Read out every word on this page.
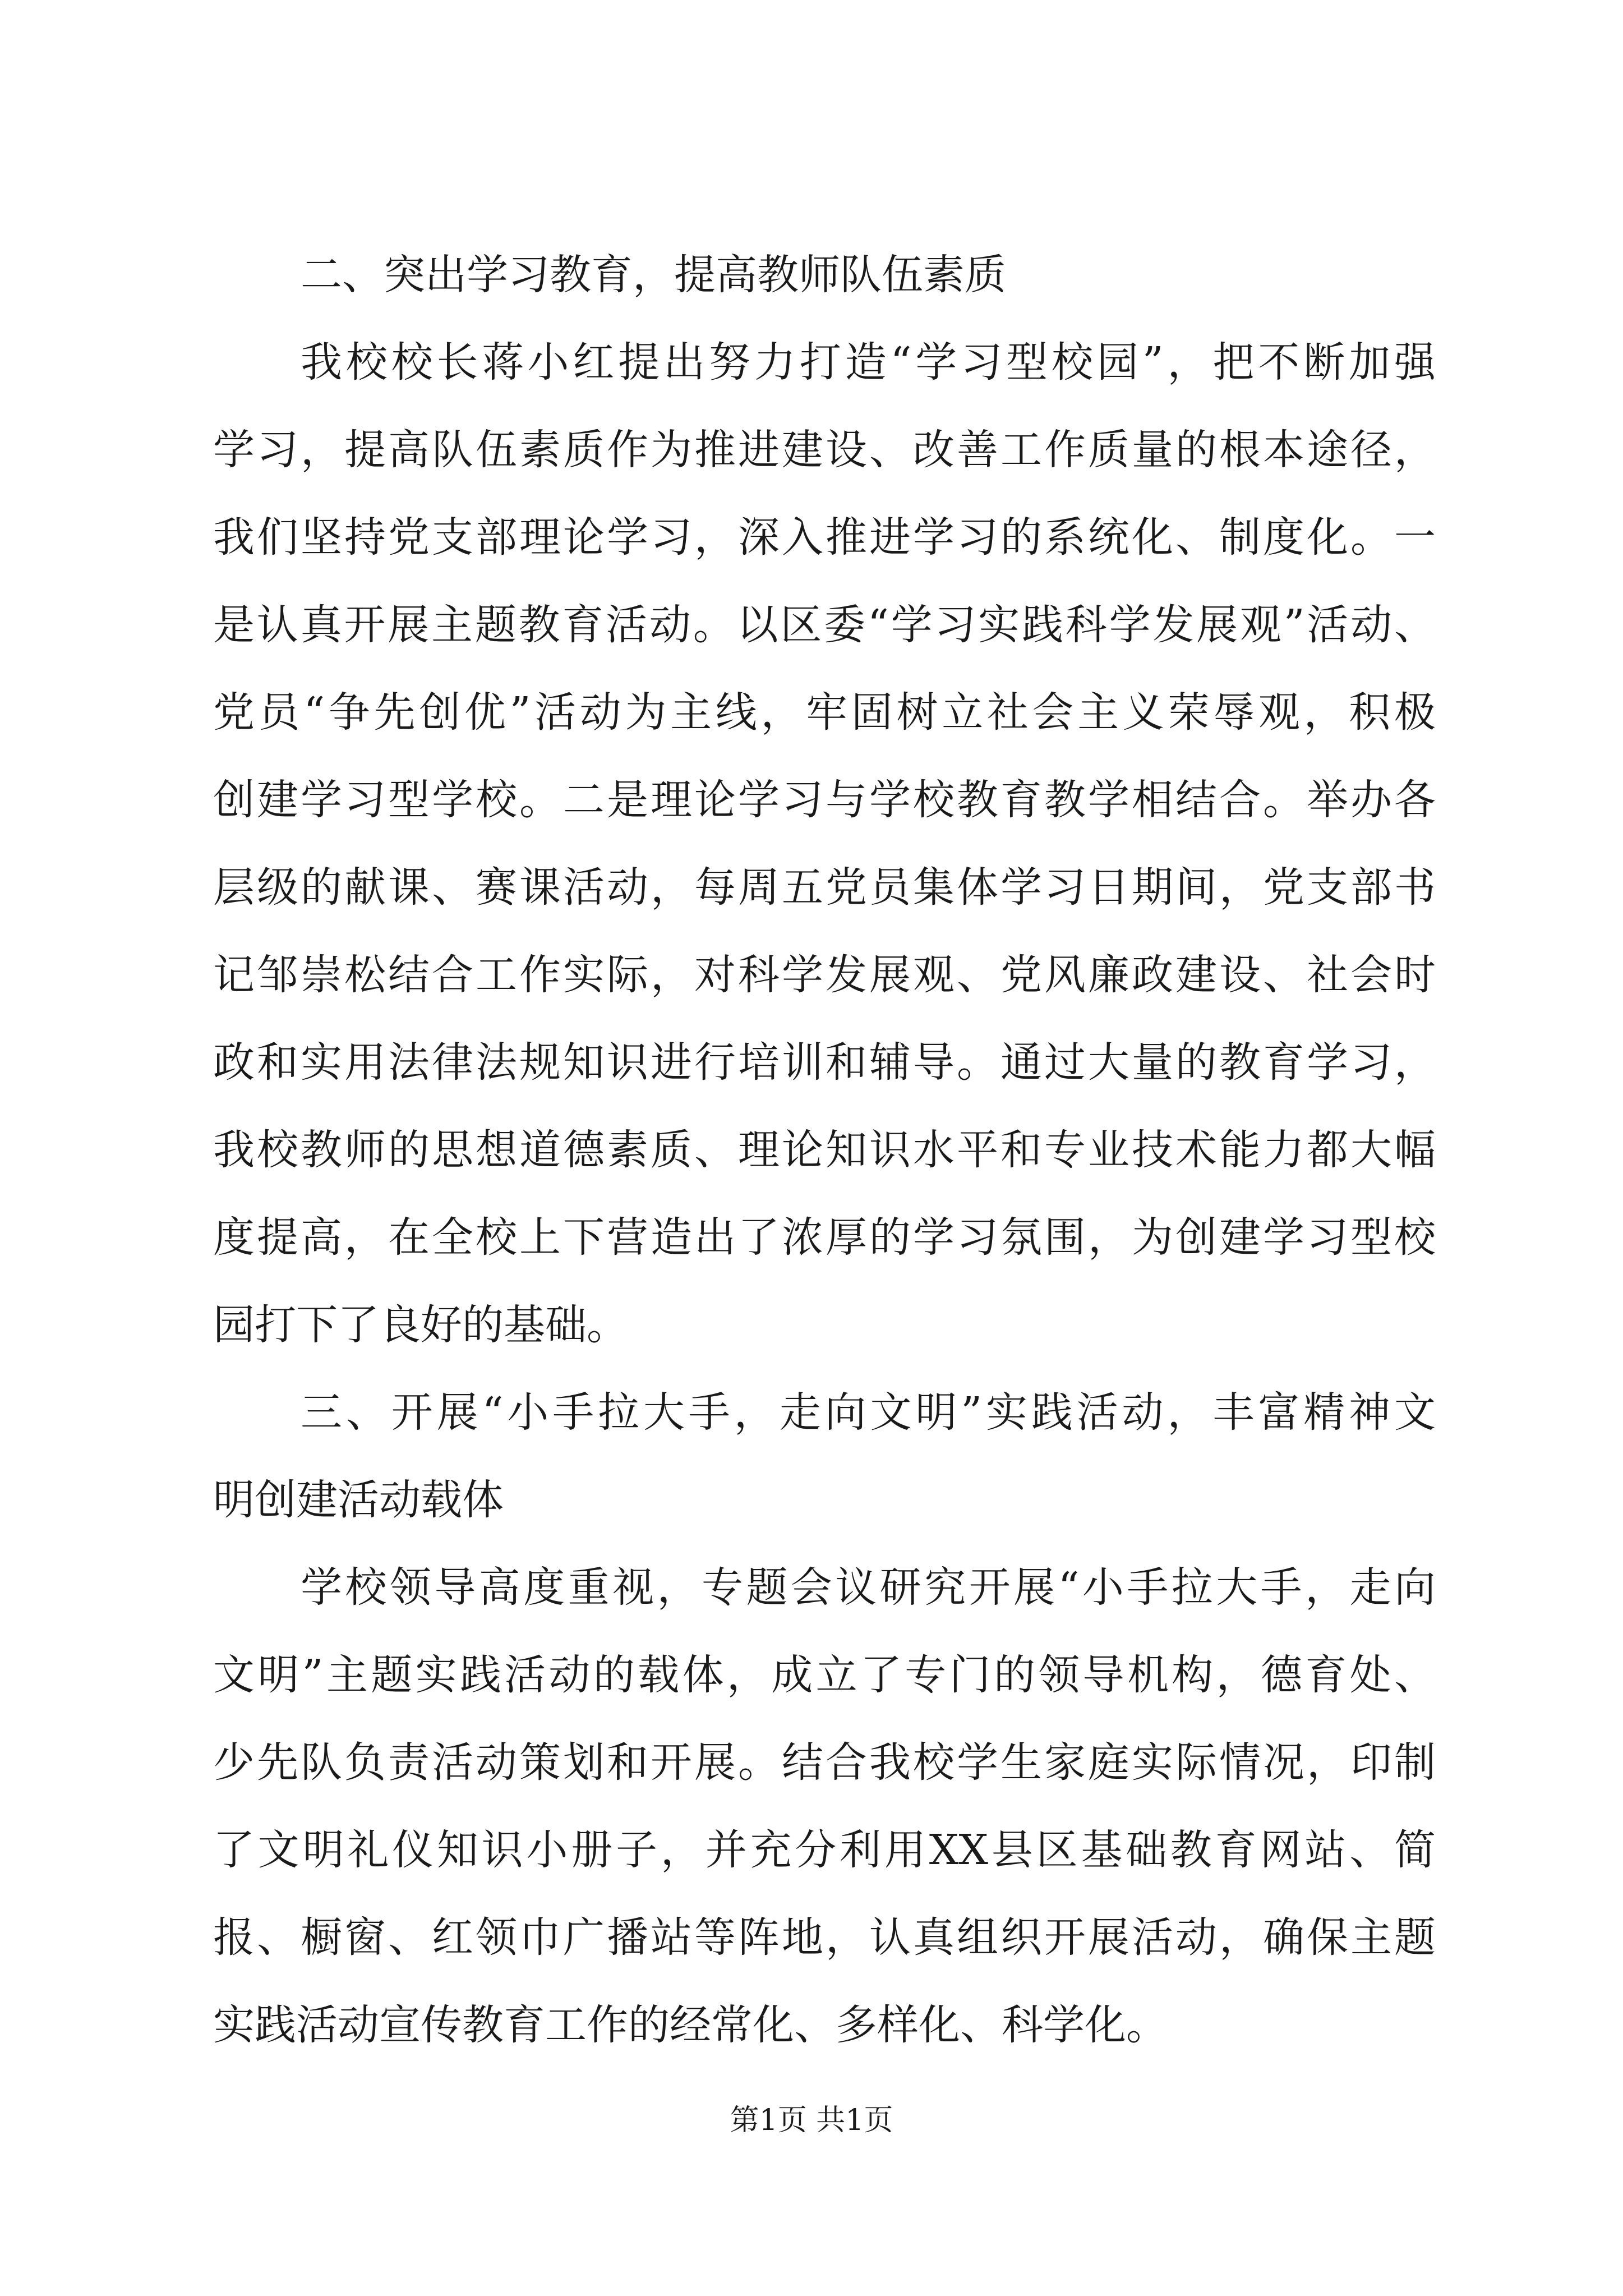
二、突出学习教育，提高教师队伍素质

我校校长蒋小红提出努力打造“学习型校园”，把不断加强

学习，提高队伍素质作为推进建设、改善工作质量的根本途径，

我们坚持党支部理论学习，深入推进学习的系统化、制度化。一

是认真开展主题教育活动。以区委“学习实践科学发展观”活动、

党员“争先创优”活动为主线，牢固树立社会主义荣辱观，积极

创建学习型学校。二是理论学习与学校教育教学相结合。举办各

层级的献课、赛课活动，每周五党员集体学习日期间，党支部书

记邹崇松结合工作实际，对科学发展观、党风廉政建设、社会时

政和实用法律法规知识进行培训和辅导。通过大量的教育学习，

我校教师的思想道德素质、理论知识水平和专业技术能力都大幅

度提高，在全校上下营造出了浓厚的学习氛围，为创建学习型校

园打下了良好的基础。

三、开展“小手拉大手，走向文明”实践活动，丰富精神文

明创建活动载体

学校领导高度重视，专题会议研究开展“小手拉大手，走向

文明”主题实践活动的载体，成立了专门的领导机构，德育处、

少先队负责活动策划和开展。结合我校学生家庭实际情况，印制

了文明礼仪知识小册子，并充分利用XX县区基础教育网站、简

报、橱窗、红领巾广播站等阵地，认真组织开展活动，确保主题

实践活动宣传教育工作的经常化、多样化、科学化。

第1页 共1页
